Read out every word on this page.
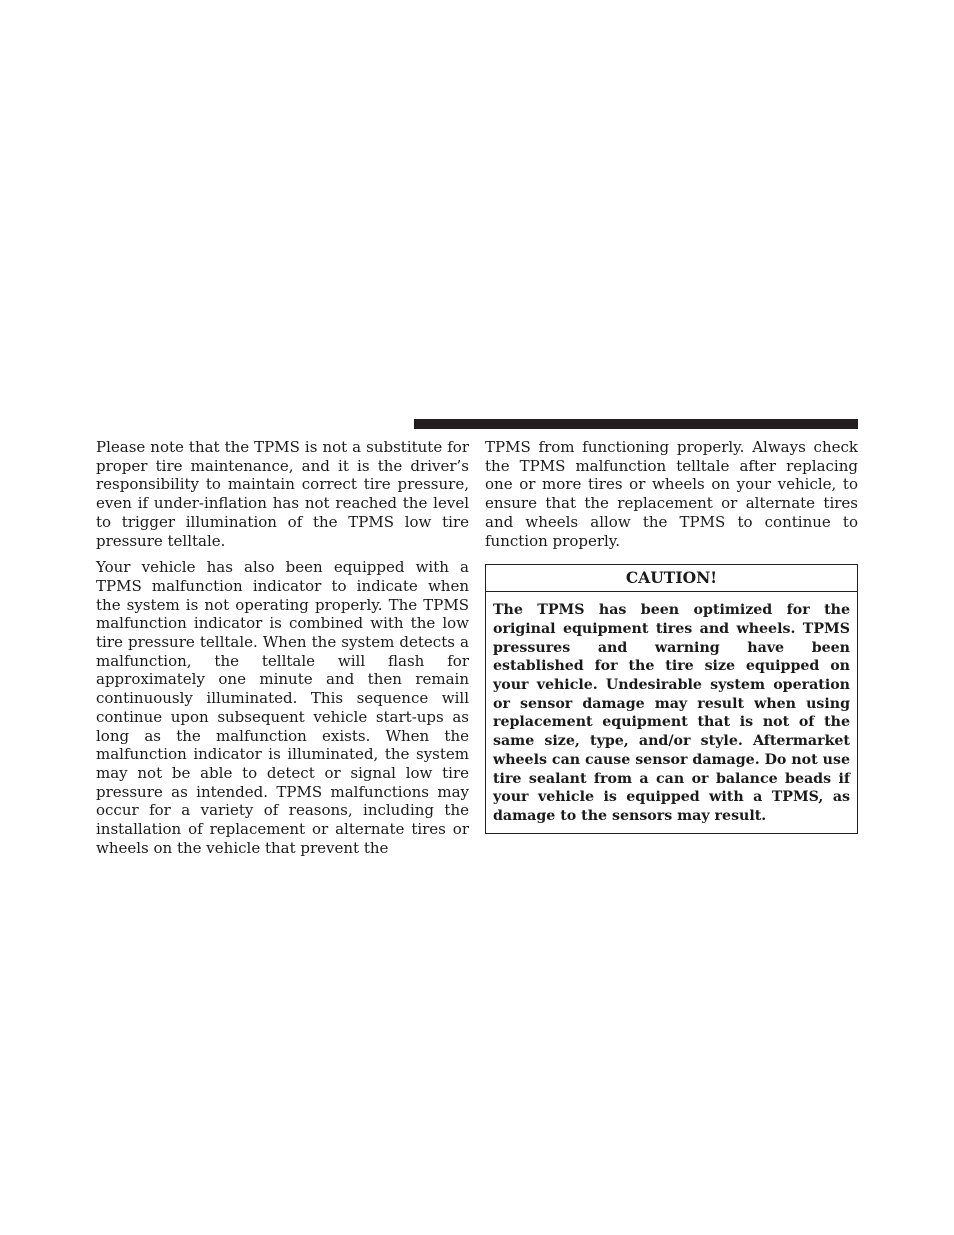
Please note that the TPMS is not a substitute for proper tire maintenance, and it is the driver’s responsibility to maintain correct tire pressure, even if under-inflation has not reached the level to trigger illumination of the TPMS low tire pressure telltale.

Your vehicle has also been equipped with a TPMS malfunction indicator to indicate when the system is not operating properly. The TPMS malfunction indicator is combined with the low tire pressure telltale. When the system detects a malfunction, the telltale will flash for approximately one minute and then remain continuously illuminated. This sequence will continue upon subsequent vehicle start-ups as long as the malfunction exists. When the malfunction indicator is illuminated, the system may not be able to detect or signal low tire pressure as intended. TPMS malfunctions may occur for a variety of reasons, including the installation of replacement or alternate tires or wheels on the vehicle that prevent the

TPMS from functioning properly. Always check the TPMS malfunction telltale after replacing one or more tires or wheels on your vehicle, to ensure that the replacement or alternate tires and wheels allow the TPMS to continue to function properly.

CAUTION!
The TPMS has been optimized for the original equipment tires and wheels. TPMS pressures and warning have been established for the tire size equipped on your vehicle. Undesirable system operation or sensor damage may result when using replacement equipment that is not of the same size, type, and/or style. Aftermarket wheels can cause sensor damage. Do not use tire sealant from a can or balance beads if your vehicle is equipped with a TPMS, as damage to the sensors may result.
